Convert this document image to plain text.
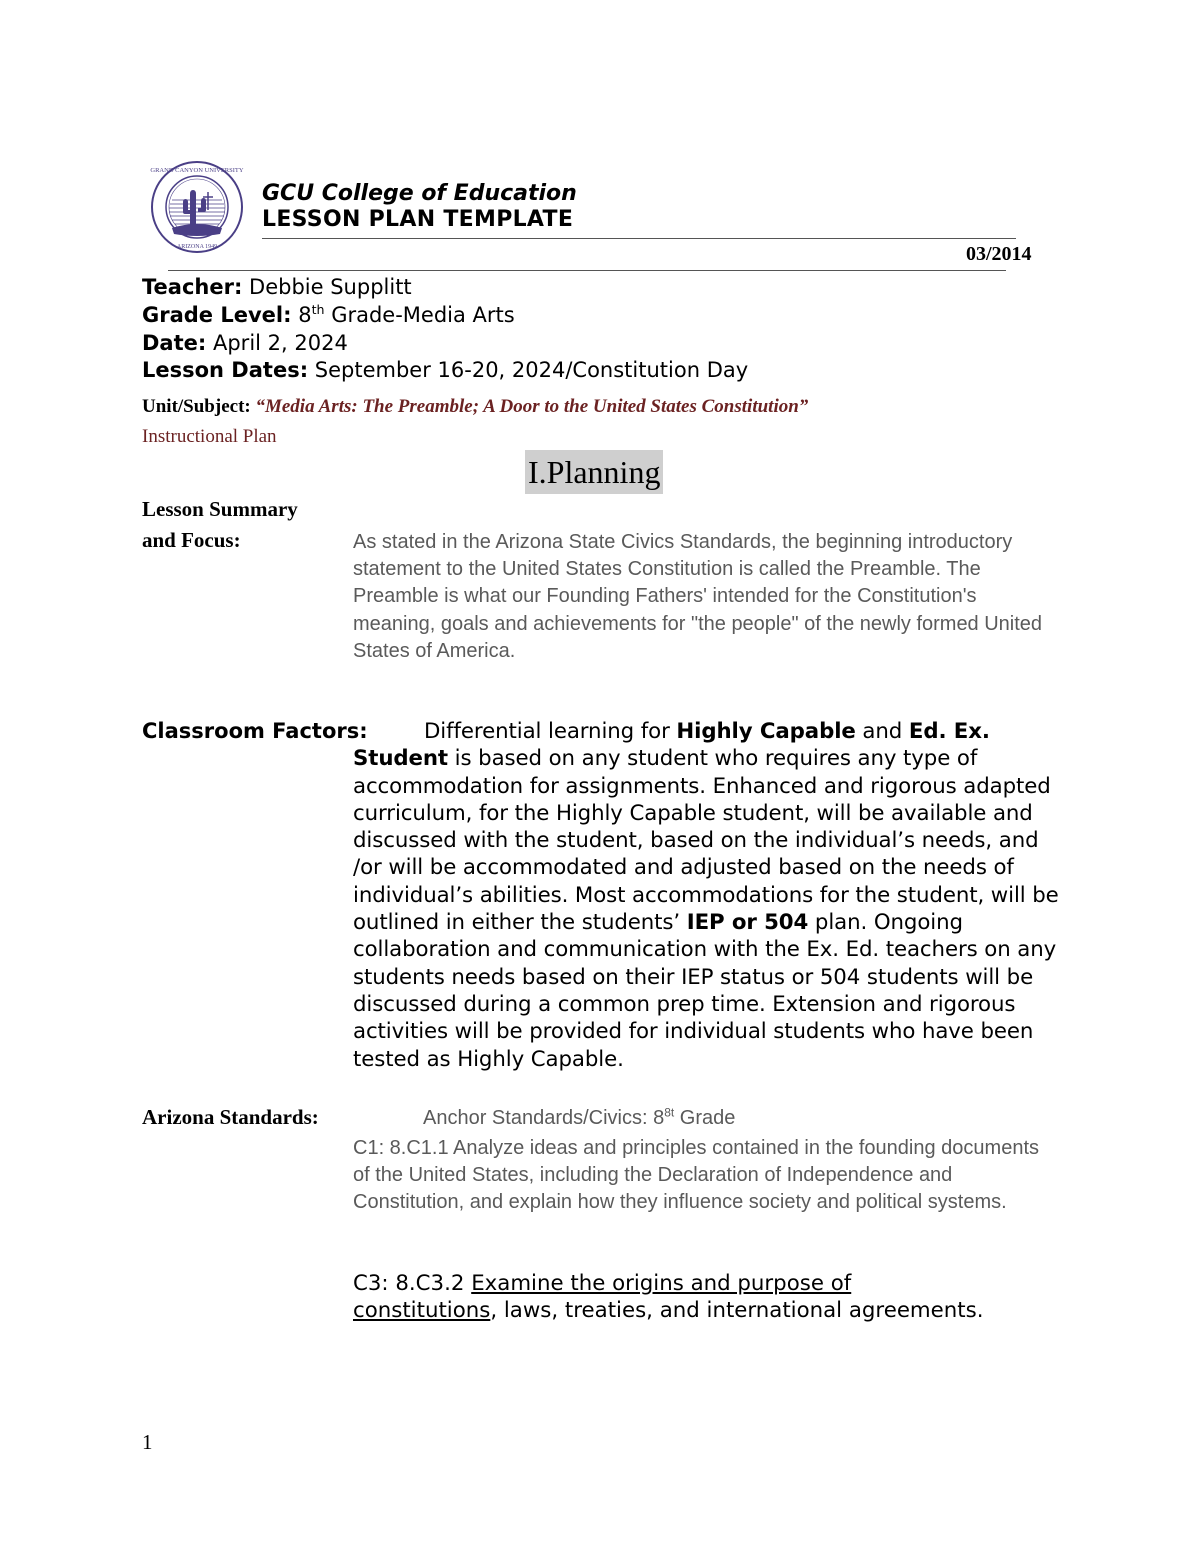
GRAND CANYON UNIVERSITY
ARIZONA 1949
GCU College of Education
LESSON PLAN TEMPLATE
03/2014
Teacher: Debbie Supplitt
Grade Level: 8th Grade-Media Arts
Date: April 2, 2024
Lesson Dates: September 16-20, 2024/Constitution Day
Unit/Subject: “Media Arts: The Preamble; A Door to the United States Constitution”
Instructional Plan
I.Planning
Lesson Summary
and Focus:	As stated in the Arizona State Civics Standards, the beginning introductory statement to the United States Constitution is called the Preamble. The Preamble is what our Founding Fathers' intended for the Constitution's meaning, goals and achievements for "the people" of the newly formed United States of America.
Classroom Factors:	Differential learning for Highly Capable and Ed. Ex. Student is based on any student who requires any type of accommodation for assignments. Enhanced and rigorous adapted curriculum, for the Highly Capable student, will be available and discussed with the student, based on the individual’s needs, and /or will be accommodated and adjusted based on the needs of individual’s abilities. Most accommodations for the student, will be outlined in either the students’ IEP or 504 plan. Ongoing collaboration and communication with the Ex. Ed. teachers on any students needs based on their IEP status or 504 students will be discussed during a common prep time. Extension and rigorous activities will be provided for individual students who have been tested as Highly Capable.
Arizona Standards:	Anchor Standards/Civics: $8^{8t}$ Grade
C1: 8.C1.1 Analyze ideas and principles contained in the founding documents of the United States, including the Declaration of Independence and Constitution, and explain how they influence society and political systems.
C3: 8.C3.2 Examine the origins and purpose of
constitutions, laws, treaties, and international agreements.
1
